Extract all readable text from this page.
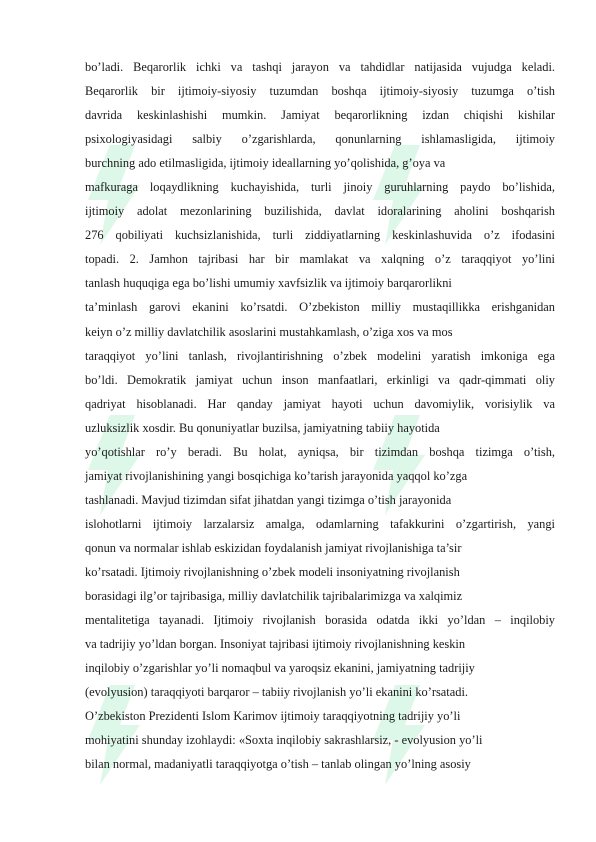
bo’ladi. Beqarorlik ichki va tashqi jarayon va tahdidlar natijasida vujudga keladi.
Beqarorlik bir ijtimoiy-siyosiy tuzumdan boshqa ijtimoiy-siyosiy tuzumga o’tish
davrida keskinlashishi mumkin. Jamiyat beqarorlikning izdan chiqishi kishilar
psixologiyasidagi salbiy o’zgarishlarda, qonunlarning ishlamasligida, ijtimoiy
burchning ado etilmasligida, ijtimoiy ideallarning yo’qolishida, g’oya va
mafkuraga loqaydlikning kuchayishida, turli jinoiy guruhlarning paydo bo’lishida,
ijtimoiy adolat mezonlarining buzilishida, davlat idoralarining aholini boshqarish
276 qobiliyati kuchsizlanishida, turli ziddiyatlarning keskinlashuvida o’z ifodasini
topadi. 2. Jamhon tajribasi har bir mamlakat va xalqning o’z taraqqiyot yo’lini
tanlash huquqiga ega bo’lishi umumiy xavfsizlik va ijtimoiy barqarorlikni
ta’minlash garovi ekanini ko’rsatdi. O’zbekiston milliy mustaqillikka erishganidan
keiyn o’z milliy davlatchilik asoslarini mustahkamlash, o’ziga xos va mos
taraqqiyot yo’lini tanlash, rivojlantirishning o’zbek modelini yaratish imkoniga ega
bo’ldi. Demokratik jamiyat uchun inson manfaatlari, erkinligi va qadr-qimmati oliy
qadriyat hisoblanadi. Har qanday jamiyat hayoti uchun davomiylik, vorisiylik va
uzluksizlik xosdir. Bu qonuniyatlar buzilsa, jamiyatning tabiiy hayotida
yo’qotishlar ro’y beradi. Bu holat, ayniqsa, bir tizimdan boshqa tizimga o’tish,
jamiyat rivojlanishining yangi bosqichiga ko’tarish jarayonida yaqqol ko’zga
tashlanadi. Mavjud tizimdan sifat jihatdan yangi tizimga o’tish jarayonida
islohotlarni ijtimoiy larzalarsiz amalga, odamlarning tafakkurini o’zgartirish, yangi
qonun va normalar ishlab eskizidan foydalanish jamiyat rivojlanishiga ta’sir
ko’rsatadi. Ijtimoiy rivojlanishning o’zbek modeli insoniyatning rivojlanish
borasidagi ilg’or tajribasiga, milliy davlatchilik tajribalarimizga va xalqimiz
mentalitetiga tayanadi. Ijtimoiy rivojlanish borasida odatda ikki yo’ldan – inqilobiy
va tadrijiy yo’ldan borgan. Insoniyat tajribasi ijtimoiy rivojlanishning keskin
inqilobiy o’zgarishlar yo’li nomaqbul va yaroqsiz ekanini, jamiyatning tadrijiy
(evolyusion) taraqqiyoti barqaror – tabiiy rivojlanish yo’li ekanini ko’rsatadi.
O’zbekiston Prezidenti Islom Karimov ijtimoiy taraqqiyotning tadrijiy yo’li
mohiyatini shunday izohlaydi: «Soxta inqilobiy sakrashlarsiz, - evolyusion yo’li
bilan normal, madaniyatli taraqqiyotga o’tish – tanlab olingan yo’lning asosiy
